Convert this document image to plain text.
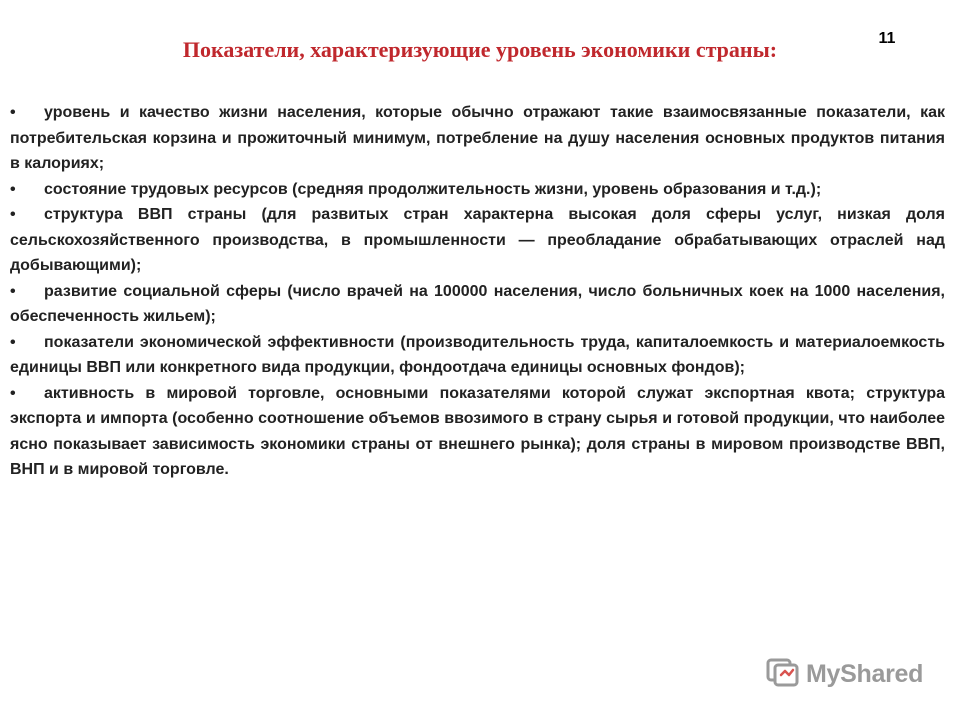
Показатели, характеризующие уровень экономики страны:	11
•	уровень и качество жизни населения, которые обычно отражают такие взаимосвязанные показатели, как потребительская корзина и прожиточный минимум, потребление на душу населения основных продуктов питания в калориях;
•	состояние трудовых ресурсов (средняя продолжительность жизни, уровень образования и т.д.);
•	структура ВВП страны (для развитых стран характерна высокая доля сферы услуг, низкая доля сельскохозяйственного производства, в промышленности — преобладание обрабатывающих отраслей над добывающими);
•	развитие социальной сферы (число врачей на 100000 населения, число больничных коек на 1000 населения, обеспеченность жильем);
•	показатели экономической эффективности (производительность труда, капиталоемкость и материалоемкость единицы ВВП или конкретного вида продукции, фондоотдача единицы основных фондов);
•	активность в мировой торговле, основными показателями которой служат экспортная квота; структура экспорта и импорта (особенно соотношение объемов ввозимого в страну сырья и готовой продукции, что наиболее ясно показывает зависимость экономики страны от внешнего рынка); доля страны в мировом производстве ВВП, ВНП и в мировой торговле.
MyShared
